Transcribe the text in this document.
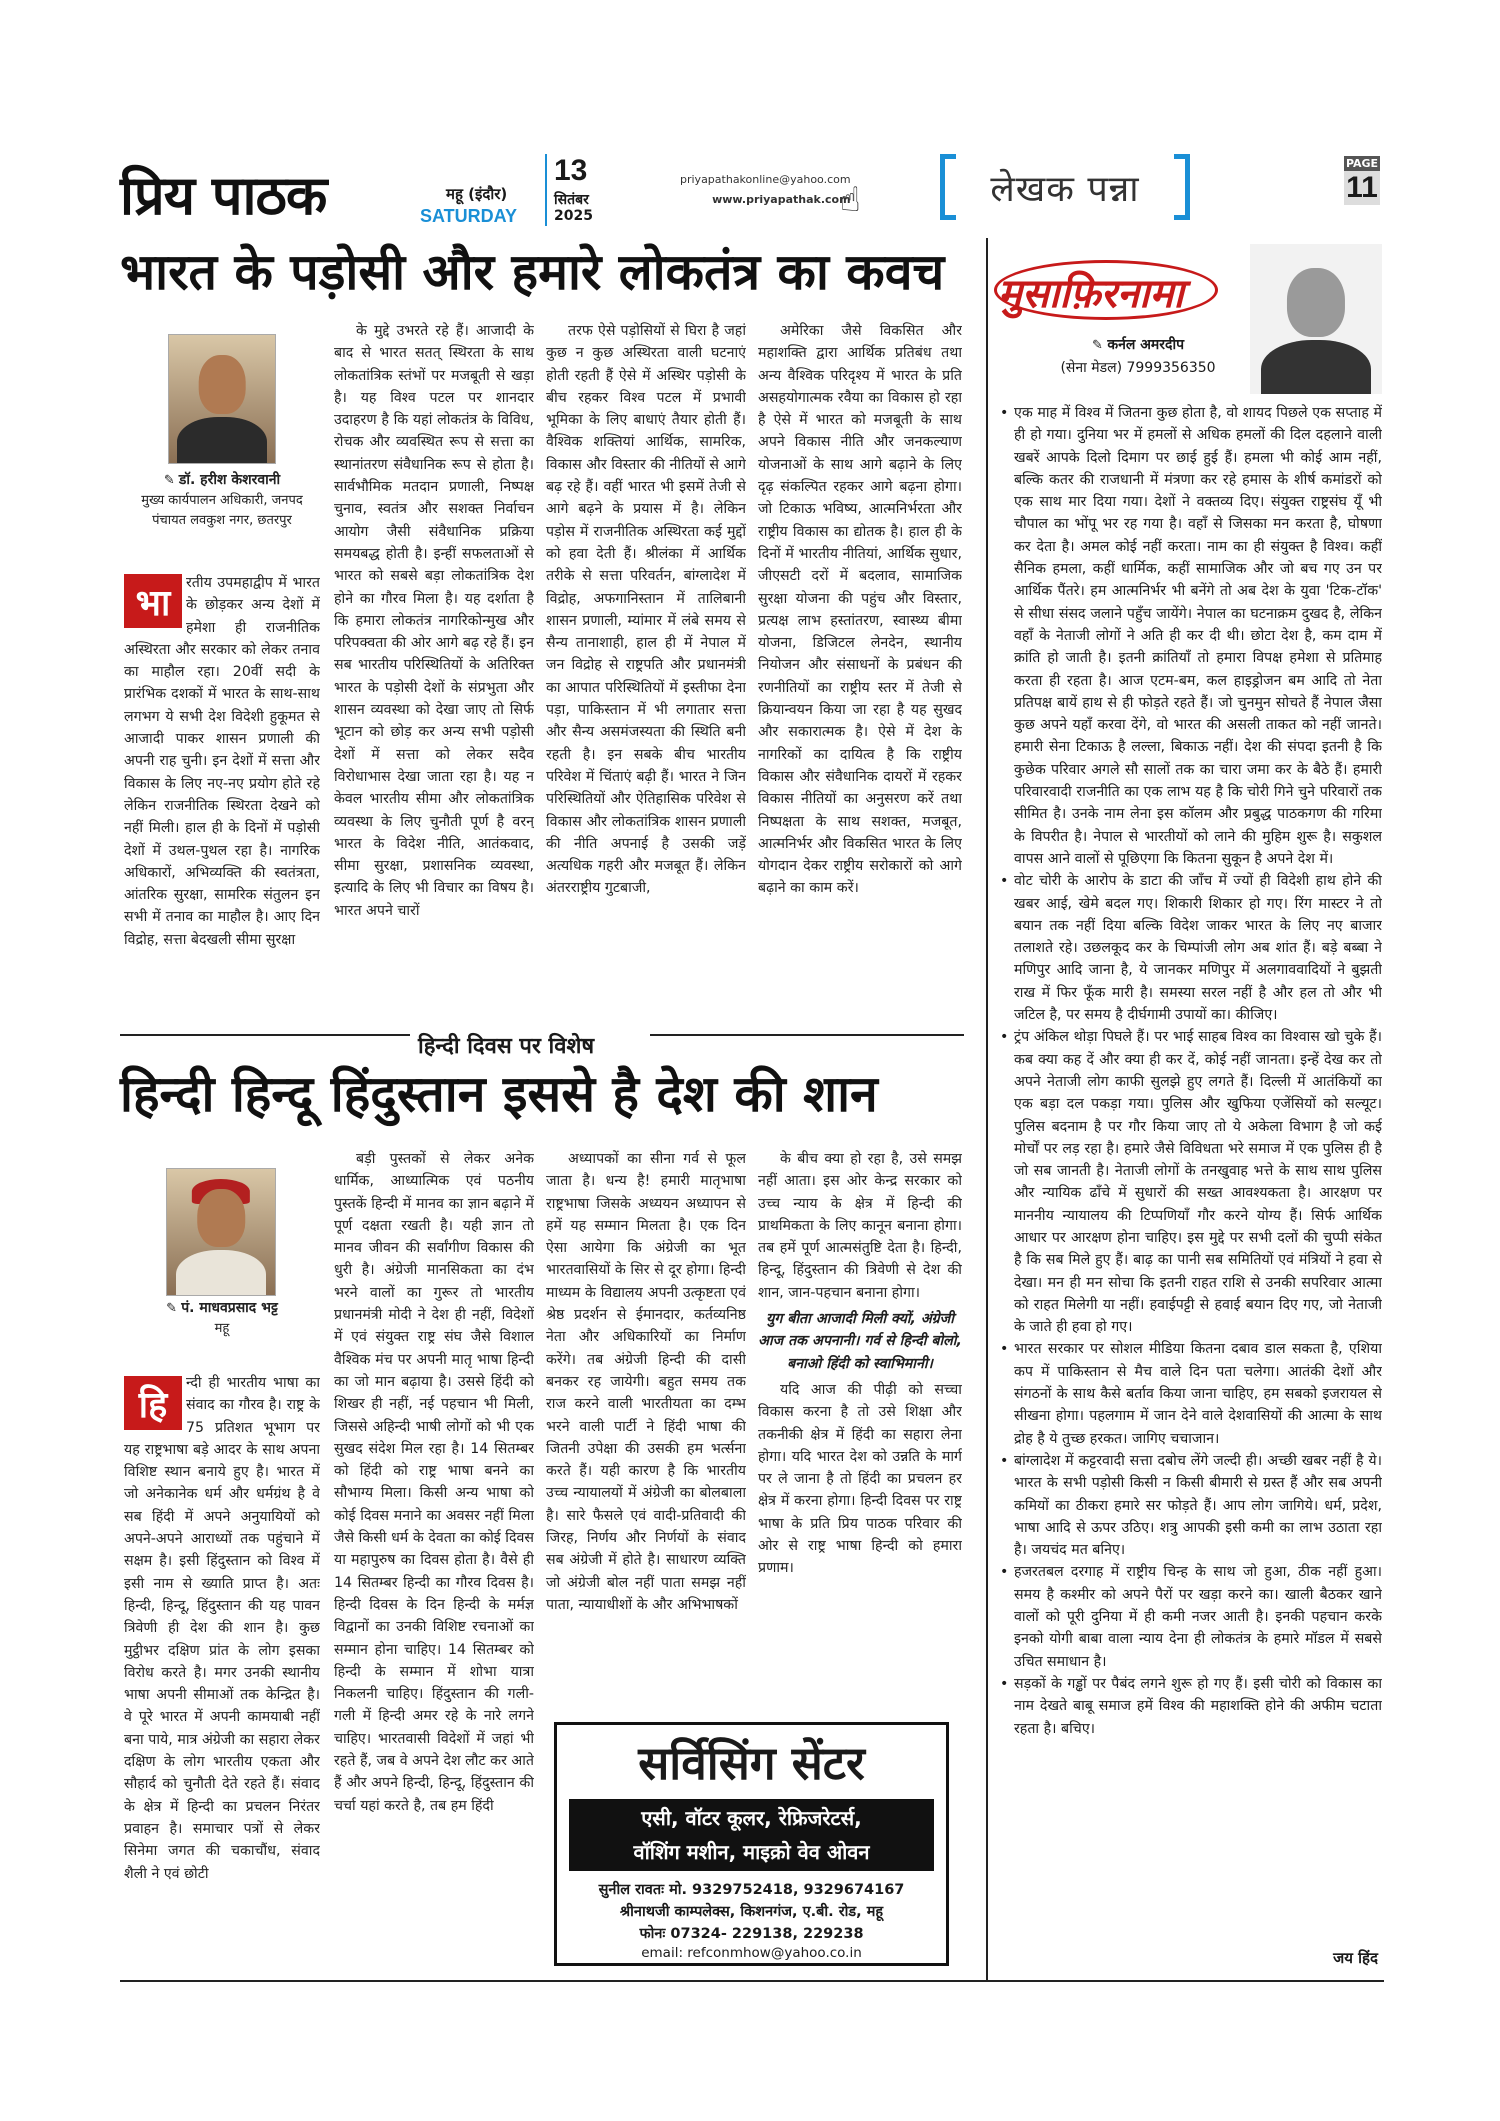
प्रिय पाठक	महू (इंदौर)
SATURDAY
13
सितंबर
2025
priyapathakonline@yahoo.com
www.priyapathak.com
☝	लेखक पन्ना
PAGE
11
भारत के पड़ोसी और हमारे लोकतंत्र का कवच
✎ डॉ. हरीश केशरवानी
मुख्य कार्यपालन अधिकारी, जनपद पंचायत लवकुश नगर, छतरपुर
भा	रतीय उपमहाद्वीप में भारत के छोड़कर अन्य देशों में हमेशा ही राजनीतिक अस्थिरता और सरकार को लेकर तनाव का माहौल रहा। 20वीं सदी के प्रारंभिक दशकों में भारत के साथ-साथ लगभग ये सभी देश विदेशी हुकूमत से आजादी पाकर शासन प्रणाली की अपनी राह चुनी। इन देशों में सत्ता और विकास के लिए नए-नए प्रयोग होते रहे लेकिन राजनीतिक स्थिरता देखने को नहीं मिली। हाल ही के दिनों में पड़ोसी देशों में उथल-पुथल रहा है। नागरिक अधिकारों, अभिव्यक्ति की स्वतंत्रता, आंतरिक सुरक्षा, सामरिक संतुलन इन सभी में तनाव का माहौल है। आए दिन विद्रोह, सत्ता बेदखली सीमा सुरक्षा

के मुद्दे उभरते रहे हैं। आजादी के बाद से भारत सतत् स्थिरता के साथ लोकतांत्रिक स्तंभों पर मजबूती से खड़ा है। यह विश्व पटल पर शानदार उदाहरण है कि यहां लोकतंत्र के विविध, रोचक और व्यवस्थित रूप से सत्ता का स्थानांतरण संवैधानिक रूप से होता है। सार्वभौमिक मतदान प्रणाली, निष्पक्ष चुनाव, स्वतंत्र और सशक्त निर्वाचन आयोग जैसी संवैधानिक प्रक्रिया समयबद्ध होती है। इन्हीं सफलताओं से भारत को सबसे बड़ा लोकतांत्रिक देश होने का गौरव मिला है। यह दर्शाता है कि हमारा लोकतंत्र नागरिकोन्मुख और परिपक्वता की ओर आगे बढ़ रहे हैं। इन सब भारतीय परिस्थितियों के अतिरिक्त भारत के पड़ोसी देशों के संप्रभुता और शासन व्यवस्था को देखा जाए तो सिर्फ भूटान को छोड़ कर अन्य सभी पड़ोसी देशों में सत्ता को लेकर सदैव विरोधाभास देखा जाता रहा है। यह न केवल भारतीय सीमा और लोकतांत्रिक व्यवस्था के लिए चुनौती पूर्ण है वरन् भारत के विदेश नीति, आतंकवाद, सीमा सुरक्षा, प्रशासनिक व्यवस्था, इत्यादि के लिए भी विचार का विषय है। भारत अपने चारों

तरफ ऐसे पड़ोसियों से घिरा है जहां कुछ न कुछ अस्थिरता वाली घटनाएं होती रहती हैं ऐसे में अस्थिर पड़ोसी के बीच रहकर विश्व पटल में प्रभावी भूमिका के लिए बाधाएं तैयार होती हैं। वैश्विक शक्तियां आर्थिक, सामरिक, विकास और विस्तार की नीतियों से आगे बढ़ रहे हैं। वहीं भारत भी इसमें तेजी से आगे बढ़ने के प्रयास में है। लेकिन पड़ोस में राजनीतिक अस्थिरता कई मुद्दों को हवा देती हैं। श्रीलंका में आर्थिक तरीके से सत्ता परिवर्तन, बांग्लादेश में विद्रोह, अफगानिस्तान में तालिबानी शासन प्रणाली, म्यांमार में लंबे समय से सैन्य तानाशाही, हाल ही में नेपाल में जन विद्रोह से राष्ट्रपति और प्रधानमंत्री का आपात परिस्थितियों में इस्तीफा देना पड़ा, पाकिस्तान में भी लगातार सत्ता और सैन्य असमंजस्यता की स्थिति बनी रहती है। इन सबके बीच भारतीय परिवेश में चिंताएं बढ़ी हैं। भारत ने जिन परिस्थितियों और ऐतिहासिक परिवेश से विकास और लोकतांत्रिक शासन प्रणाली की नीति अपनाई है उसकी जड़ें अत्यधिक गहरी और मजबूत हैं। लेकिन अंतरराष्ट्रीय गुटबाजी,

अमेरिका जैसे विकसित और महाशक्ति द्वारा आर्थिक प्रतिबंध तथा अन्य वैश्विक परिदृश्य में भारत के प्रति असहयोगात्मक रवैया का विकास हो रहा है ऐसे में भारत को मजबूती के साथ अपने विकास नीति और जनकल्याण योजनाओं के साथ आगे बढ़ाने के लिए दृढ़ संकल्पित रहकर आगे बढ़ना होगा। जो टिकाऊ भविष्य, आत्मनिर्भरता और राष्ट्रीय विकास का द्योतक है। हाल ही के दिनों में भारतीय नीतियां, आर्थिक सुधार, जीएसटी दरों में बदलाव, सामाजिक सुरक्षा योजना की पहुंच और विस्तार, प्रत्यक्ष लाभ हस्तांतरण, स्वास्थ्य बीमा योजना, डिजिटल लेनदेन, स्थानीय नियोजन और संसाधनों के प्रबंधन की रणनीतियों का राष्ट्रीय स्तर में तेजी से क्रियान्वयन किया जा रहा है यह सुखद और सकारात्मक है। ऐसे में देश के नागरिकों का दायित्व है कि राष्ट्रीय विकास और संवैधानिक दायरों में रहकर विकास नीतियों का अनुसरण करें तथा निष्पक्षता के साथ सशक्त, मजबूत, आत्मनिर्भर और विकसित भारत के लिए योगदान देकर राष्ट्रीय सरोकारों को आगे बढ़ाने का काम करें।

हिन्दी दिवस पर विशेष
हिन्दी हिन्दू हिंदुस्तान इससे है देश की शान
✎ पं. माधवप्रसाद भट्ट
महू
हि
न्दी ही भारतीय भाषा का संवाद का गौरव है। राष्ट्र के 75 प्रतिशत भूभाग पर यह राष्ट्रभाषा बड़े आदर के साथ अपना विशिष्ट स्थान बनाये हुए है। भारत में जो अनेकानेक धर्म और धर्मग्रंथ है वे सब हिंदी में अपने अनुयायियों को अपने-अपने आराध्यों तक पहुंचाने में सक्षम है। इसी हिंदुस्तान को विश्व में इसी नाम से ख्याति प्राप्त है। अतः हिन्दी, हिन्दू, हिंदुस्तान की यह पावन त्रिवेणी ही देश की शान है। कुछ मुट्ठीभर दक्षिण प्रांत के लोग इसका विरोध करते है। मगर उनकी स्थानीय भाषा अपनी सीमाओं तक केन्द्रित है। वे पूरे भारत में अपनी कामयाबी नहीं बना पाये, मात्र अंग्रेजी का सहारा लेकर दक्षिण के लोग भारतीय एकता और सौहार्द को चुनौती देते रहते हैं। संवाद के क्षेत्र में हिन्दी का प्रचलन निरंतर प्रवाहन है। समाचार पत्रों से लेकर सिनेमा जगत की चकाचौंध, संवाद शैली ने एवं छोटी

बड़ी पुस्तकों से लेकर अनेक धार्मिक, आध्यात्मिक एवं पठनीय पुस्तकें हिन्दी में मानव का ज्ञान बढ़ाने में पूर्ण दक्षता रखती है। यही ज्ञान तो मानव जीवन की सर्वांगीण विकास की धुरी है। अंग्रेजी मानसिकता का दंभ भरने वालों का गुरूर तो भारतीय प्रधानमंत्री मोदी ने देश ही नहीं, विदेशों में एवं संयुक्त राष्ट्र संघ जैसे विशाल वैश्विक मंच पर अपनी मातृ भाषा हिन्दी का जो मान बढ़ाया है। उससे हिंदी को शिखर ही नहीं, नई पहचान भी मिली, जिससे अहिन्दी भाषी लोगों को भी एक सुखद संदेश मिल रहा है। 14 सितम्बर को हिंदी को राष्ट्र भाषा बनने का सौभाग्य मिला। किसी अन्य भाषा को कोई दिवस मनाने का अवसर नहीं मिला जैसे किसी धर्म के देवता का कोई दिवस या महापुरुष का दिवस होता है। वैसे ही 14 सितम्बर हिन्दी का गौरव दिवस है। हिन्दी दिवस के दिन हिन्दी के मर्मज्ञ विद्वानों का उनकी विशिष्ट रचनाओं का सम्मान होना चाहिए। 14 सितम्बर को हिन्दी के सम्मान में शोभा यात्रा निकलनी चाहिए। हिंदुस्तान की गली-गली में हिन्दी अमर रहे के नारे लगने चाहिए। भारतवासी विदेशों में जहां भी रहते हैं, जब वे अपने देश लौट कर आते हैं और अपने हिन्दी, हिन्दू, हिंदुस्तान की चर्चा यहां करते है, तब हम हिंदी

अध्यापकों का सीना गर्व से फूल जाता है। धन्य है! हमारी मातृभाषा राष्ट्रभाषा जिसके अध्ययन अध्यापन से हमें यह सम्मान मिलता है। एक दिन ऐसा आयेगा कि अंग्रेजी का भूत भारतवासियों के सिर से दूर होगा। हिन्दी माध्यम के विद्यालय अपनी उत्कृष्टता एवं श्रेष्ठ प्रदर्शन से ईमानदार, कर्तव्यनिष्ठ नेता और अधिकारियों का निर्माण करेंगे। तब अंग्रेजी हिन्दी की दासी बनकर रह जायेगी। बहुत समय तक राज करने वाली भारतीयता का दम्भ भरने वाली पार्टी ने हिंदी भाषा की जितनी उपेक्षा की उसकी हम भर्त्सना करते हैं। यही कारण है कि भारतीय उच्च न्यायालयों में अंग्रेजी का बोलबाला है। सारे फैसले एवं वादी-प्रतिवादी की जिरह, निर्णय और निर्णयों के संवाद सब अंग्रेजी में होते है। साधारण व्यक्ति जो अंग्रेजी बोल नहीं पाता समझ नहीं पाता, न्यायाधीशों के और अभिभाषकों

के बीच क्या हो रहा है, उसे समझ नहीं आता। इस ओर केन्द्र सरकार को उच्च न्याय के क्षेत्र में हिन्दी की प्राथमिकता के लिए कानून बनाना होगा। तब हमें पूर्ण आत्मसंतुष्टि देता है। हिन्दी, हिन्दू, हिंदुस्तान की त्रिवेणी से देश की शान, जान-पहचान बनाना होगा।

युग बीता आजादी मिली क्यों, अंग्रेजी आज तक अपनानी। गर्व से हिन्दी बोलो, बनाओ हिंदी को स्वाभिमानी।

यदि आज की पीढ़ी को सच्चा विकास करना है तो उसे शिक्षा और तकनीकी क्षेत्र में हिंदी का सहारा लेना होगा। यदि भारत देश को उन्नति के मार्ग पर ले जाना है तो हिंदी का प्रचलन हर क्षेत्र में करना होगा। हिन्दी दिवस पर राष्ट्र भाषा के प्रति प्रिय पाठक परिवार की ओर से राष्ट्र भाषा हिन्दी को हमारा प्रणाम।

सर्विसिंग सेंटर
एसी, वॉटर कूलर, रेफ्रिजरेटर्स,
वॉशिंग मशीन, माइक्रो वेव ओवन
सुनील रावतः मो. 9329752418, 9329674167
श्रीनाथजी काम्पलेक्स, किशनगंज, ए.बी. रोड, महू
फोनः 07324- 229138, 229238
email: refconmhow@yahoo.co.in
मुसाफ़िरनामा
✎ कर्नल अमरदीप
(सेना मेडल) 7999356350
• एक माह में विश्व में जितना कुछ होता है, वो शायद पिछले एक सप्ताह में ही हो गया। दुनिया भर में हमलों से अधिक हमलों की दिल दहलाने वाली खबरें आपके दिलो दिमाग पर छाई हुई हैं। हमला भी कोई आम नहीं, बल्कि कतर की राजधानी में मंत्रणा कर रहे हमास के शीर्ष कमांडरों को एक साथ मार दिया गया। देशों ने वक्तव्य दिए। संयुक्त राष्ट्रसंघ यूँ भी चौपाल का भोंपू भर रह गया है। वहाँ से जिसका मन करता है, घोषणा कर देता है। अमल कोई नहीं करता। नाम का ही संयुक्त है विश्व। कहीं सैनिक हमला, कहीं धार्मिक, कहीं सामाजिक और जो बच गए उन पर आर्थिक पैंतरे। हम आत्मनिर्भर भी बनेंगे तो अब देश के युवा 'टिक-टॉक' से सीधा संसद जलाने पहुँच जायेंगे। नेपाल का घटनाक्रम दुखद है, लेकिन वहाँ के नेताजी लोगों ने अति ही कर दी थी। छोटा देश है, कम दाम में क्रांति हो जाती है। इतनी क्रांतियाँ तो हमारा विपक्ष हमेशा से प्रतिमाह करता ही रहता है। आज एटम-बम, कल हाइड्रोजन बम आदि तो नेता प्रतिपक्ष बायें हाथ से ही फोड़ते रहते हैं। जो चुनमुन सोचते हैं नेपाल जैसा कुछ अपने यहाँ करवा देंगे, वो भारत की असली ताकत को नहीं जानते। हमारी सेना टिकाऊ है लल्ला, बिकाऊ नहीं। देश की संपदा इतनी है कि कुछेक परिवार अगले सौ सालों तक का चारा जमा कर के बैठे हैं। हमारी परिवारवादी राजनीति का एक लाभ यह है कि चोरी गिने चुने परिवारों तक सीमित है। उनके नाम लेना इस कॉलम और प्रबुद्ध पाठकगण की गरिमा के विपरीत है। नेपाल से भारतीयों को लाने की मुहिम शुरू है। सकुशल वापस आने वालों से पूछिएगा कि कितना सुकून है अपने देश में।
• वोट चोरी के आरोप के डाटा की जाँच में ज्यों ही विदेशी हाथ होने की खबर आई, खेमे बदल गए। शिकारी शिकार हो गए। रिंग मास्टर ने तो बयान तक नहीं दिया बल्कि विदेश जाकर भारत के लिए नए बाजार तलाशते रहे। उछलकूद कर के चिम्पांजी लोग अब शांत हैं। बड़े बब्बा ने मणिपुर आदि जाना है, ये जानकर मणिपुर में अलगाववादियों ने बुझती राख में फिर फूँक मारी है। समस्या सरल नहीं है और हल तो और भी जटिल है, पर समय है दीर्घगामी उपायों का। कीजिए।
• ट्रंप अंकिल थोड़ा पिघले हैं। पर भाई साहब विश्व का विश्वास खो चुके हैं। कब क्या कह दें और क्या ही कर दें, कोई नहीं जानता। इन्हें देख कर तो अपने नेताजी लोग काफी सुलझे हुए लगते हैं। दिल्ली में आतंकियों का एक बड़ा दल पकड़ा गया। पुलिस और खुफिया एजेंसियों को सल्यूट। पुलिस बदनाम है पर गौर किया जाए तो ये अकेला विभाग है जो कई मोर्चों पर लड़ रहा है। हमारे जैसे विविधता भरे समाज में एक पुलिस ही है जो सब जानती है। नेताजी लोगों के तनखुवाह भत्ते के साथ साथ पुलिस और न्यायिक ढाँचे में सुधारों की सख्त आवश्यकता है। आरक्षण पर माननीय न्यायालय की टिप्पणियाँ गौर करने योग्य हैं। सिर्फ आर्थिक आधार पर आरक्षण होना चाहिए। इस मुद्दे पर सभी दलों की चुप्पी संकेत है कि सब मिले हुए हैं। बाढ़ का पानी सब समितियों एवं मंत्रियों ने हवा से देखा। मन ही मन सोचा कि इतनी राहत राशि से उनकी सपरिवार आत्मा को राहत मिलेगी या नहीं। हवाईपट्टी से हवाई बयान दिए गए, जो नेताजी के जाते ही हवा हो गए।
• भारत सरकार पर सोशल मीडिया कितना दबाव डाल सकता है, एशिया कप में पाकिस्तान से मैच वाले दिन पता चलेगा। आतंकी देशों और संगठनों के साथ कैसे बर्ताव किया जाना चाहिए, हम सबको इजरायल से सीखना होगा। पहलगाम में जान देने वाले देशवासियों की आत्मा के साथ द्रोह है ये तुच्छ हरकत। जागिए चचाजान।
• बांग्लादेश में कट्टरवादी सत्ता दबोच लेंगे जल्दी ही। अच्छी खबर नहीं है ये। भारत के सभी पड़ोसी किसी न किसी बीमारी से ग्रस्त हैं और सब अपनी कमियों का ठीकरा हमारे सर फोड़ते हैं। आप लोग जागिये। धर्म, प्रदेश, भाषा आदि से ऊपर उठिए। शत्रु आपकी इसी कमी का लाभ उठाता रहा है। जयचंद मत बनिए।
• हजरतबल दरगाह में राष्ट्रीय चिन्ह के साथ जो हुआ, ठीक नहीं हुआ। समय है कश्मीर को अपने पैरों पर खड़ा करने का। खाली बैठकर खाने वालों को पूरी दुनिया में ही कमी नजर आती है। इनकी पहचान करके इनको योगी बाबा वाला न्याय देना ही लोकतंत्र के हमारे मॉडल में सबसे उचित समाधान है।
• सड़कों के गड्ढों पर पैबंद लगने शुरू हो गए हैं। इसी चोरी को विकास का नाम देखते बाबू समाज हमें विश्व की महाशक्ति होने की अफीम चटाता रहता है। बचिए।
जय हिंद
